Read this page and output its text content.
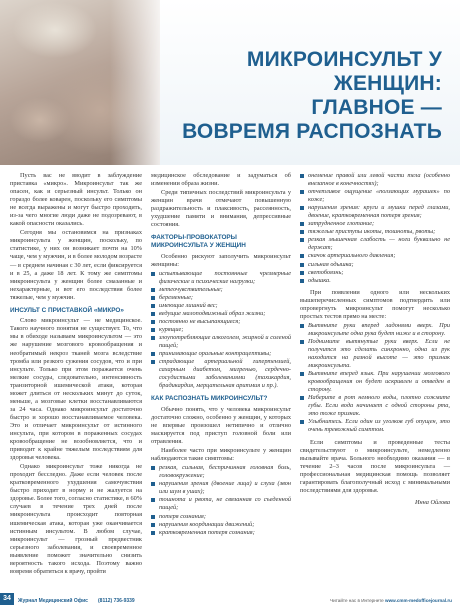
МИКРОИНСУЛЬТ У ЖЕНЩИН:
ГЛАВНОЕ —
ВОВРЕМЯ РАСПОЗНАТЬ

Пусть вас не вводит в заблуждение приставка «микро». Микроинсульт так же опасен, как и серьезный инсульт. Только он гораздо более коварен, поскольку его симптомы не всегда выражены и могут быстро проходить, из-за чего многие люди даже не подозревают, в какой опасности оказались.

Сегодня мы остановимся на признаках микроинсульта у женщин, поскольку, по статистике, у них он возникает почти на 10% чаще, чем у мужчин, и в более молодом возрасте — в среднем начиная с 30 лет, если фиксируется и в 25, а даже 18 лет. К тому же симптомы микроинсульта у женщин более смазанные и нехарактерные, и вот его последствия более тяжелые, чем у мужчин.

ИНСУЛЬТ С ПРИСТАВКОЙ «МИКРО»

Слово микроинсульт — не медицинское. Такого научного понятия не существует. То, что мы в обиходе называем микроинсультом — это же нарушение мозгового кровообращения и необратимый некроз тканей мозга вследствие тромба или резкого сужения сосудов, что и при инсульте. Только при этом поражается очень мелкие сосуды, следовательно, интенсивность транзиторной ишемической атаки, которая может длиться от нескольких минут до суток, меньше, а мозговые клетки восстанавливаются за 24 часа. Однако микроинсульт достаточно быстро и хорошо восстанавливаемое человека. Это и отличает микроинсульт от истинного инсульта, при котором в пораженных сосудах кровообращение не возобновляется, что и приводит к крайне тяжелым последствиям для здоровья человека.

Однако микроинсульт тоже никогда не проходит бесследно. Даже если человек после кратковременного ухудшения самочувствия быстро приходит в норму и не жалуется на здоровье. Более того, согласно статистике, в 60% случаев в течение трех дней после микроинсульта происходит повторная ишемическая атака, которая уже оканчивается истинным инсультом. В любом случае, микроинсульт — грозный предвестник серьезного заболевания, и своевременное выявление поможет значительно снизить вероятность такого исхода. Поэтому важно вовремя обратиться к врачу, пройти

медицинское обследование и задуматься об изменении образа жизни.

Среди типичных последствий микроинсульта у женщин врачи отмечают повышенную раздражительность и плаксивость, рассеянность, ухудшение памяти и внимания, депрессивные состояния.

ФАКТОРЫ-ПРОВОКАТОРЫ МИКРОИНСУЛЬТА У ЖЕНЩИН

Особенно рискуют заполучить микроинсульт женщины:

испытывающие постоянные чрезмерные физические и психические нагрузки;
метеочувствительные;
беременные;
имеющие лишний вес;
ведущие малоподвижный образ жизни;
постоянно не высыпающиеся;
курящие;
злоупотребляющие алкоголем, жирной и соленой пищей;
принимающие оральные контрацептивы;
страдающие артериальной гипертензией, сахарным диабетом, мигренью, сердечно-сосудистыми заболеваниями (тахикардия, брадикардия, мерцательная аритмия и пр.).
КАК РАСПОЗНАТЬ МИКРОИНСУЛЬТ?

Обычно понять, что у человека микроинсульт достаточно сложно, особенно у женщин, у которых не впервые произошел нетипично и отлично маскируется под приступ головной боли или отравления.

Наиболее часто при микроинсульте у женщин наблюдаются такие симптомы:

резкая, сильная, беспричинная головная боль, головокружение;
нарушения зрения (двоение лица) и слуха (звон или шум в ушах);
тошнота и рвота, не связанная со съеденной пищей;
потеря сознания;
нарушения координации движений;
кратковременная потеря сознания;
онемение правой или левой части тела (особенно внезапное в конечностях);
отчетливое ощущение «ползающих мурашек» по коже;
нарушения зрения: круги и мушки перед глазами, двоение, кратковременная потеря зрения;
затрудненное глотание;
тяжелые приступы икоты, тошноты, рвоты;
резкая мышечная слабость — ноги буквально не держат;
скачок артериального давления;
сильная одышка;
светобоязнь;
одышка.

При появлении одного или нескольких вышеперечисленных симптомов подтвердить или опровергнуть микроинсульт помогут несколько простых тестов прямо на месте:

Вытяните руки вперед ладонями вверх. При микроинсульте одна рука будет ниже и в сторону.
Поднимите вытянутые руки вверх. Если не получится это сделать синхронно, одна из рук находится на разной высоте — это признак микроинсульта.
Вытяните вперед язык. При нарушении мозгового кровообращения он будет искривлен и отведен в сторону.
Наберите в рот немного воды, плотно сожмите губы. Если вода начинает с одной стороны рта, это тоже признак.
Улыбнитесь. Если один из уголков губ опущен, это очень тревожный симптом.

Если симптомы и проведенные тесты свидетельствуют о микроинсульте, немедленно вызывайте врача. Больного необходимо оказания — в течение 2–3 часов после микроинсульта — профессиональная медицинская помощь позволяет гарантировать благополучный исход с минимальными последствиями для здоровья.

Инна Ойлова
34	Журнал Медицинский Офис (8112) 736-9339	Читайте нас в Интернете www.cmm-medofficejournal.ru
